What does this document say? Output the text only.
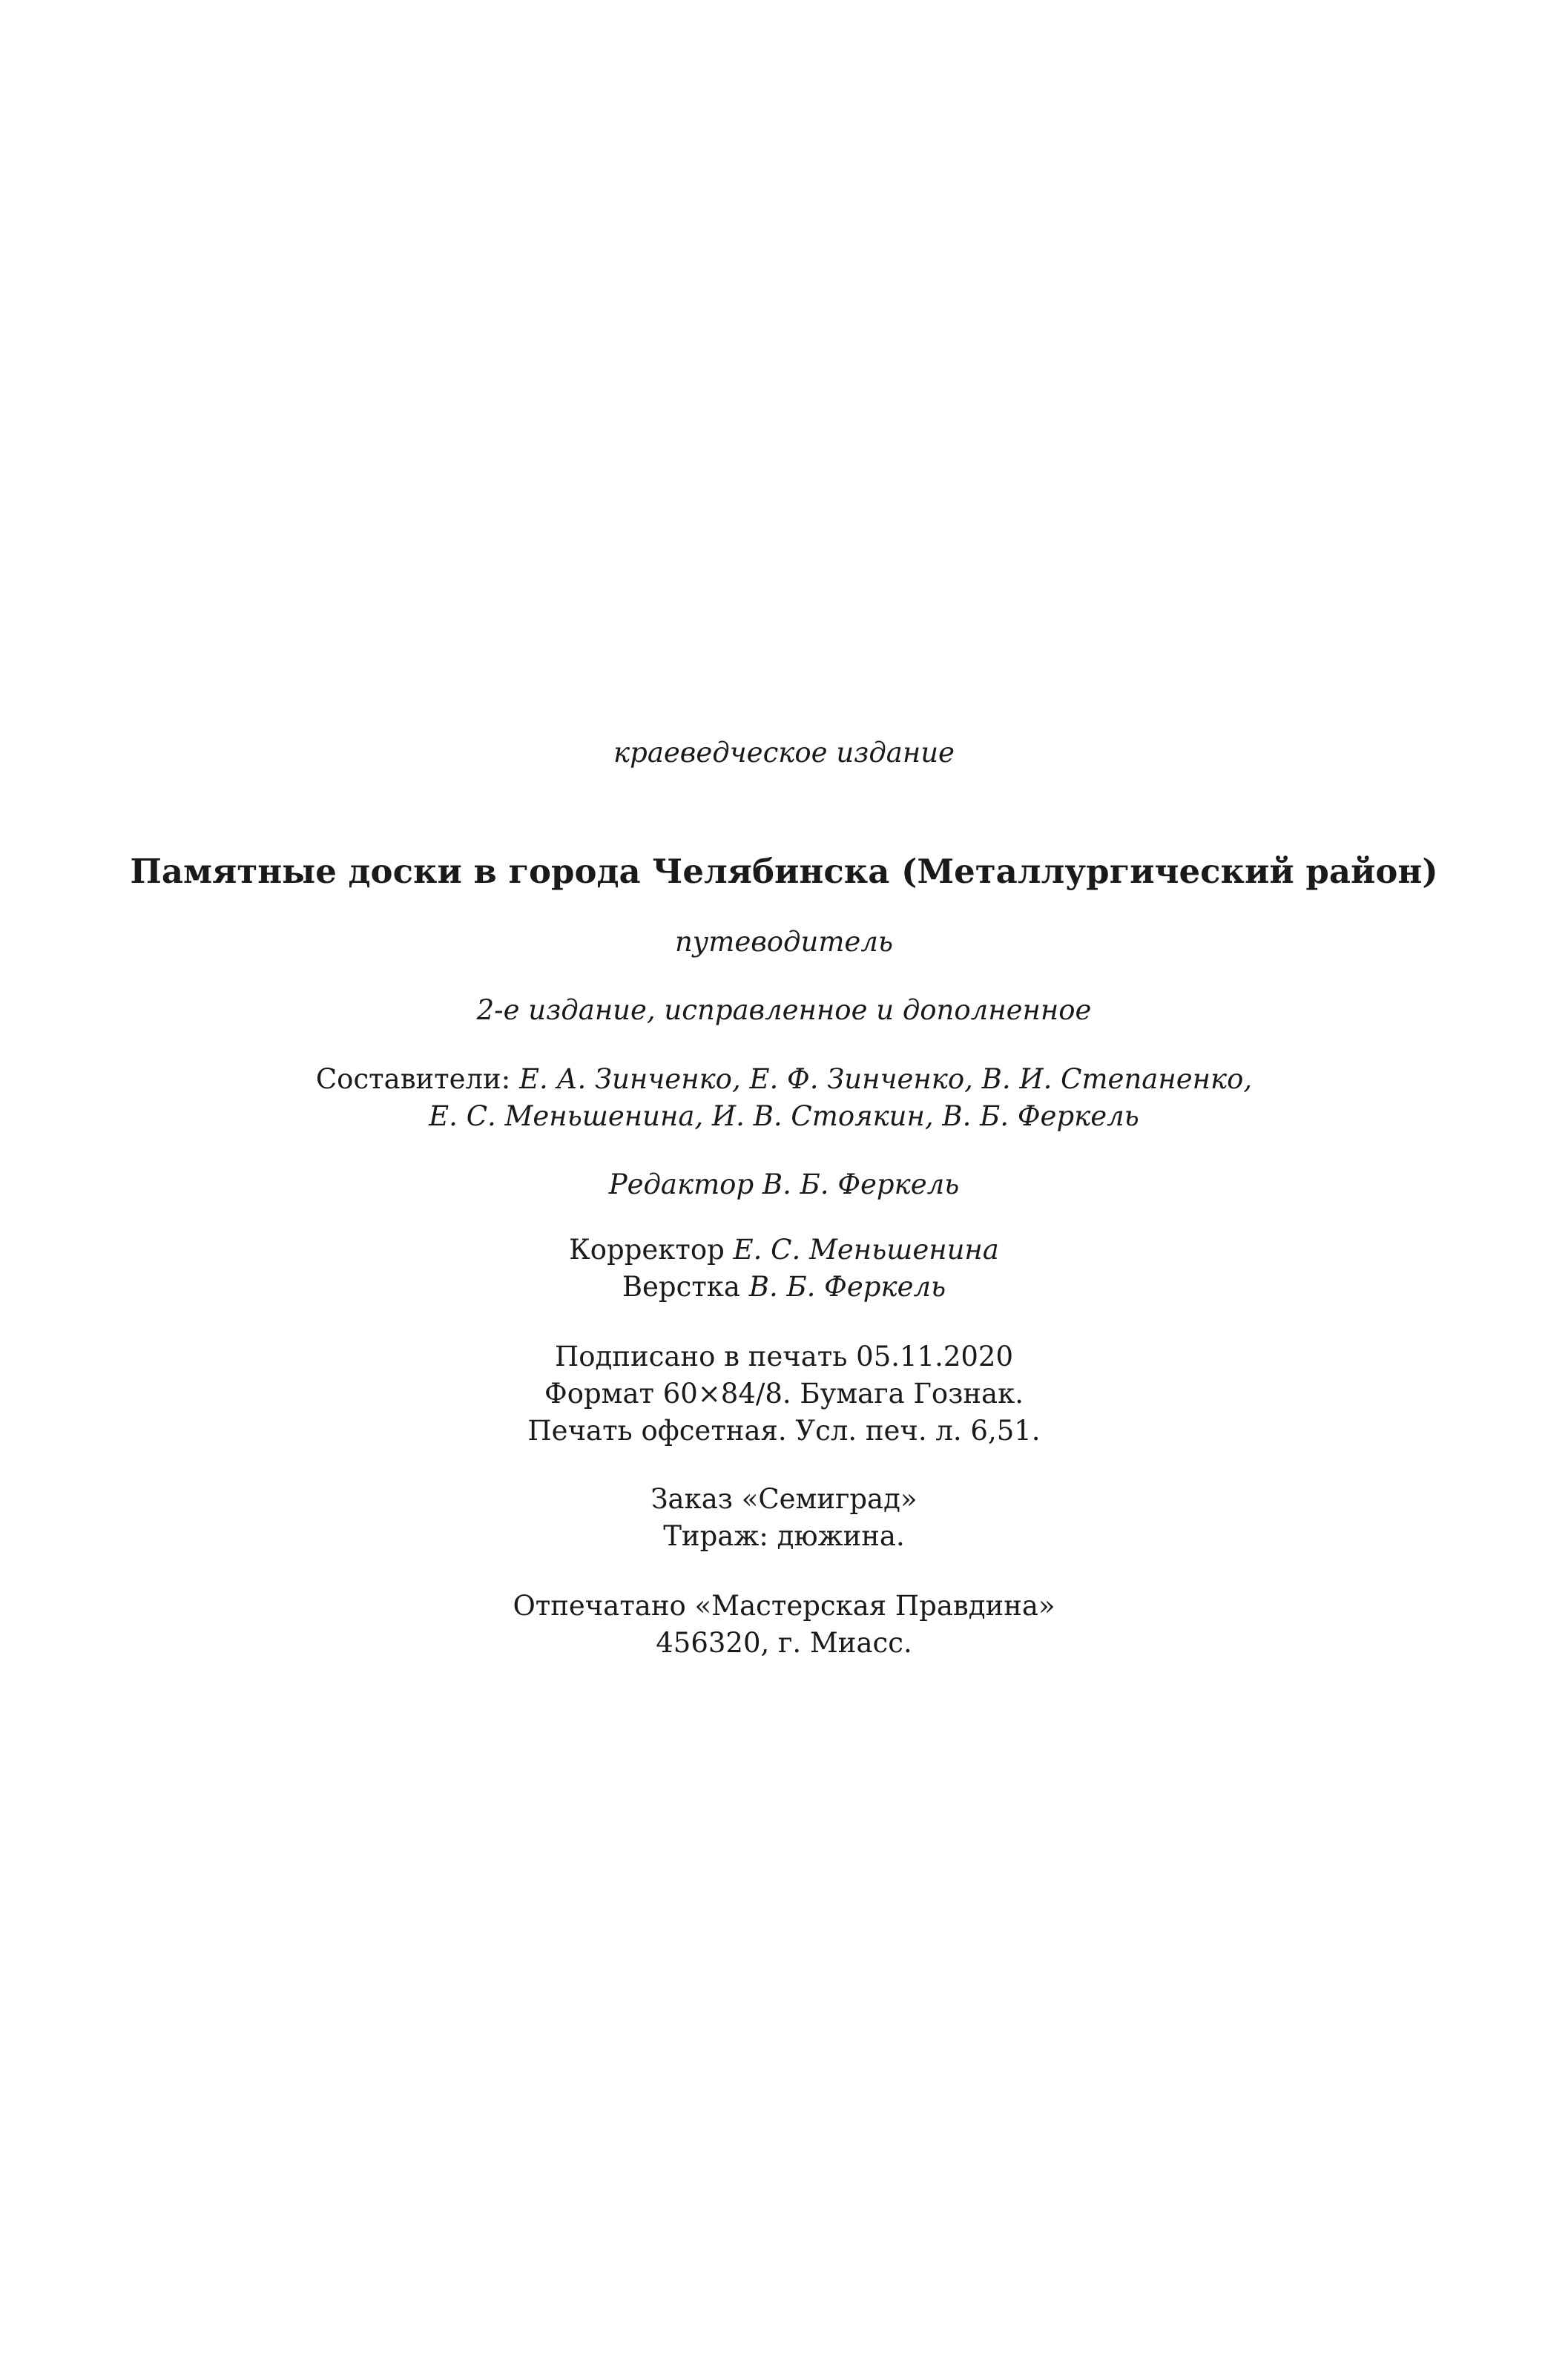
краеведческое издание
Памятные доски в города Челябинска (Металлургический район)
путеводитель
2-е издание, исправленное и дополненное
Составители: Е. А. Зинченко, Е. Ф. Зинченко, В. И. Степаненко,
Е. С. Меньшенина, И. В. Стоякин, В. Б. Феркель
Редактор В. Б. Феркель
Корректор Е. С. Меньшенина
Верстка В. Б. Феркель
Подписано в печать 05.11.2020
Формат 60×84/8. Бумага Гознак.
Печать офсетная. Усл. печ. л. 6,51.
Заказ «Семиград»
Тираж: дюжина.
Отпечатано «Мастерская Правдина»
456320, г. Миасс.
